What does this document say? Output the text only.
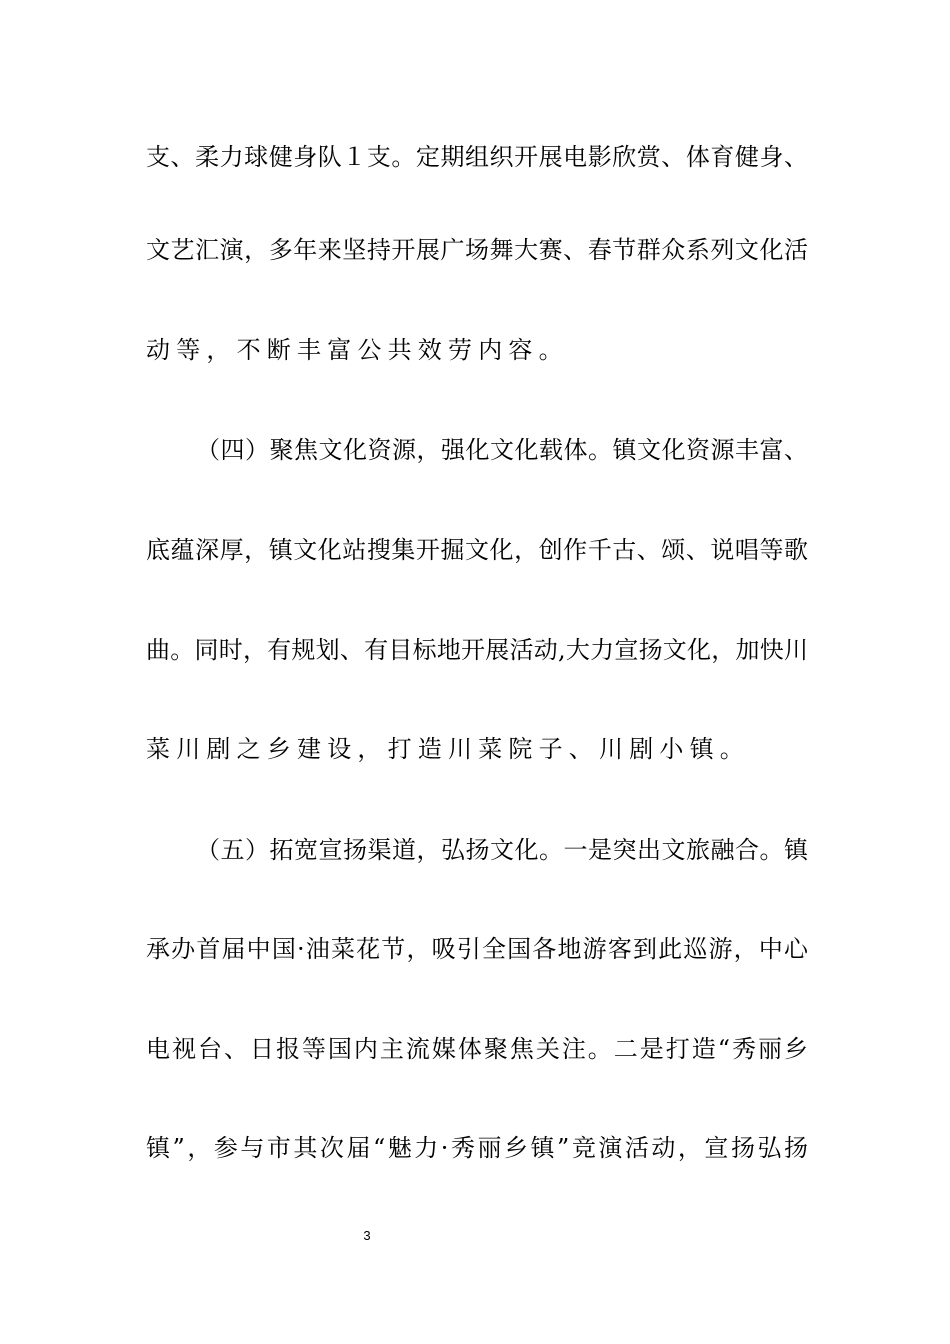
支、柔力球健身队１支。定期组织开展电影欣赏、体育健身、
文艺汇演，多年来坚持开展广场舞大赛、春节群众系列文化活
动等，不断丰富公共效劳内容。
（四）聚焦文化资源，强化文化载体。镇文化资源丰富、
底蕴深厚，镇文化站搜集开掘文化，创作千古、颂、说唱等歌
曲。同时，有规划、有目标地开展活动,大力宣扬文化，加快川
菜川剧之乡建设，打造川菜院子、川剧小镇。
（五）拓宽宣扬渠道，弘扬文化。一是突出文旅融合。镇
承办首届中国·油菜花节，吸引全国各地游客到此巡游，中心
电视台、日报等国内主流媒体聚焦关注。二是打造“秀丽乡
镇”，参与市其次届“魅力·秀丽乡镇”竞演活动，宣扬弘扬
3
